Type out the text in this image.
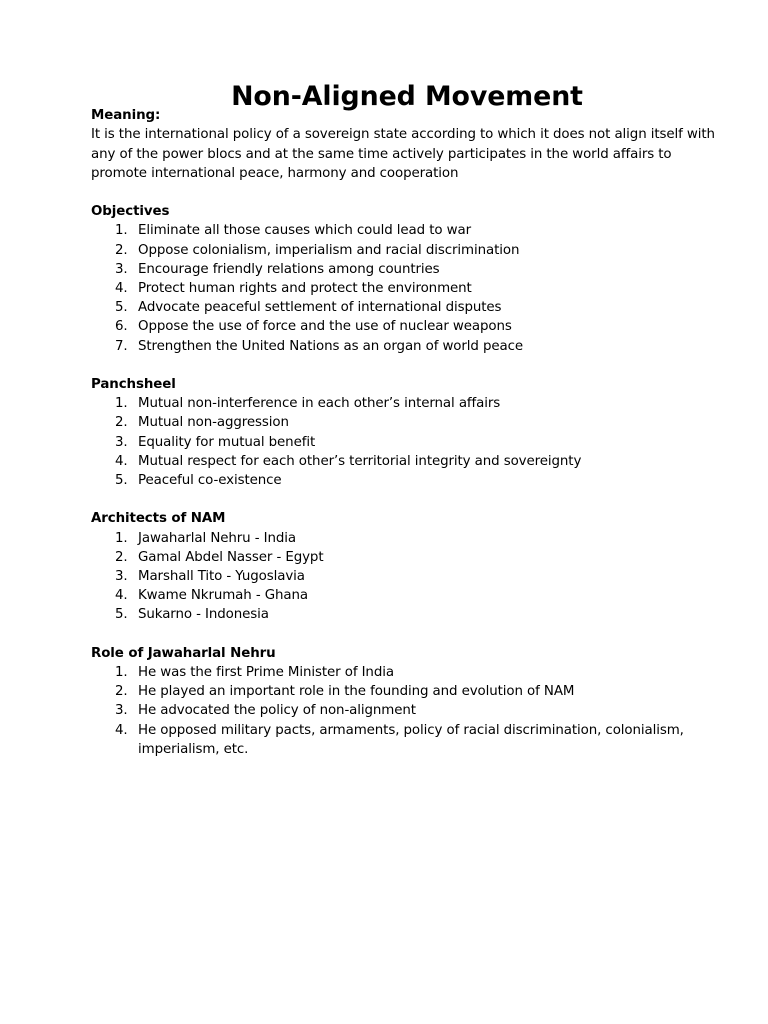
Non-Aligned Movement

Meaning:

It is the international policy of a sovereign state according to which it does not align itself with any of the power blocs and at the same time actively participates in the world affairs to promote international peace, harmony and cooperation

Objectives

1. Eliminate all those causes which could lead to war
2. Oppose colonialism, imperialism and racial discrimination
3. Encourage friendly relations among countries
4. Protect human rights and protect the environment
5. Advocate peaceful settlement of international disputes
6. Oppose the use of force and the use of nuclear weapons
7. Strengthen the United Nations as an organ of world peace

Panchsheel

1. Mutual non-interference in each other’s internal affairs
2. Mutual non-aggression
3. Equality for mutual benefit
4. Mutual respect for each other’s territorial integrity and sovereignty
5. Peaceful co-existence

Architects of NAM

1. Jawaharlal Nehru - India
2. Gamal Abdel Nasser - Egypt
3. Marshall Tito - Yugoslavia
4. Kwame Nkrumah - Ghana
5. Sukarno - Indonesia

Role of Jawaharlal Nehru

1. He was the first Prime Minister of India
2. He played an important role in the founding and evolution of NAM
3. He advocated the policy of non-alignment
4. He opposed military pacts, armaments, policy of racial discrimination, colonialism, imperialism, etc.
